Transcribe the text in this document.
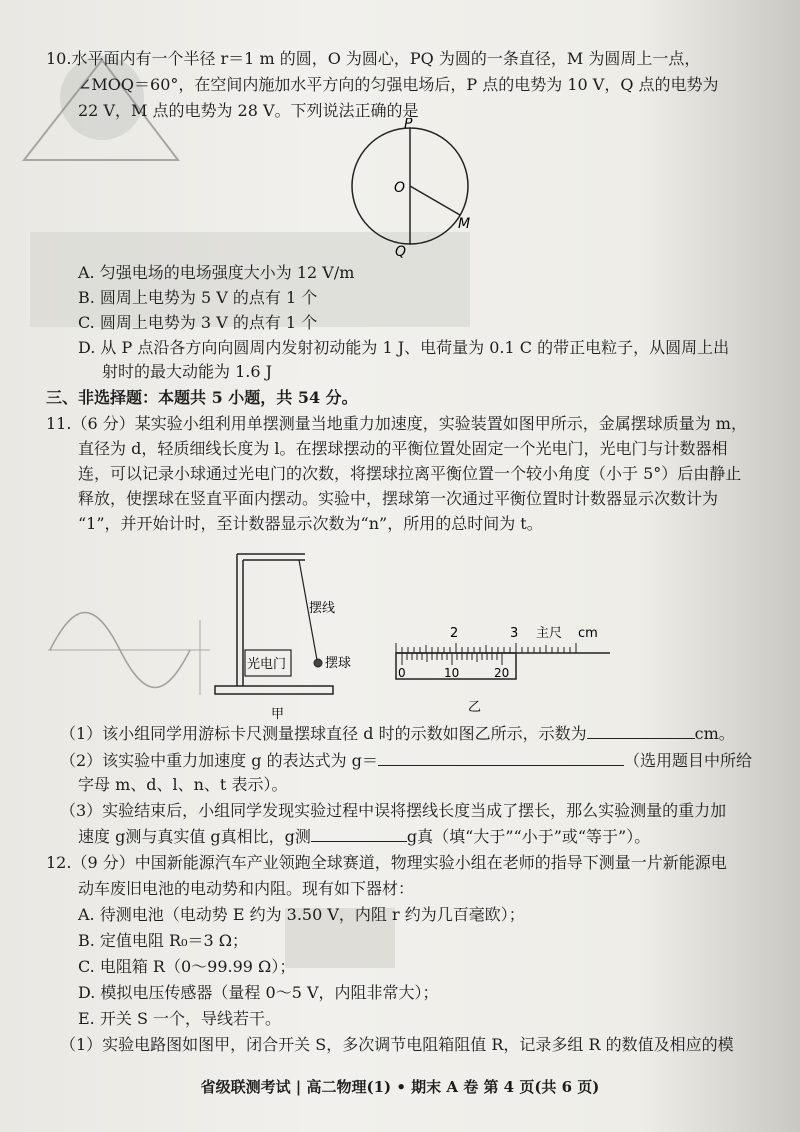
10.水平面内有一个半径 r＝1 m 的圆，O 为圆心，PQ 为圆的一条直径，M 为圆周上一点，
∠MOQ＝60°，在空间内施加水平方向的匀强电场后，P 点的电势为 10 V，Q 点的电势为
22 V，M 点的电势为 28 V。下列说法正确的是
P
O
Q
M
A. 匀强电场的电场强度大小为 12 V/m
B. 圆周上电势为 5 V 的点有 1 个
C. 圆周上电势为 3 V 的点有 1 个
D. 从 P 点沿各方向向圆周内发射初动能为 1 J、电荷量为 0.1 C 的带正电粒子，从圆周上出
射时的最大动能为 1.6 J
三、非选择题：本题共 5 小题，共 54 分。
11.（6 分）某实验小组利用单摆测量当地重力加速度，实验装置如图甲所示，金属摆球质量为 m，
直径为 d，轻质细线长度为 l。在摆球摆动的平衡位置处固定一个光电门，光电门与计数器相
连，可以记录小球通过光电门的次数，将摆球拉离平衡位置一个较小角度（小于 5°）后由静止
释放，使摆球在竖直平面内摆动。实验中，摆球第一次通过平衡位置时计数器显示次数计为
“1”，并开始计时，至计数器显示次数为“n”，所用的总时间为 t。
摆线
摆球
光电门
甲
2	3 主尺 cm
0	10	20
乙
（1）该小组同学用游标卡尺测量摆球直径 d 时的示数如图乙所示，示数为	cm。
（2）该实验中重力加速度 g 的表达式为 g＝	（选用题目中所给
字母 m、d、l、n、t 表示）。
（3）实验结束后，小组同学发现实验过程中误将摆线长度当成了摆长，那么实验测量的重力加
速度 g测与真实值 g真相比，g测	g真（填“大于”“小于”或“等于”）。
12.（9 分）中国新能源汽车产业领跑全球赛道，物理实验小组在老师的指导下测量一片新能源电
动车废旧电池的电动势和内阻。现有如下器材：
A. 待测电池（电动势 E 约为 3.50 V，内阻 r 约为几百毫欧）；
B. 定值电阻 R₀＝3 Ω；
C. 电阻箱 R（0～99.99 Ω）；
D. 模拟电压传感器（量程 0～5 V，内阻非常大）；
E. 开关 S 一个，导线若干。
（1）实验电路图如图甲，闭合开关 S，多次调节电阻箱阻值 R，记录多组 R 的数值及相应的模
省级联测考试 | 高二物理(1) • 期末 A 卷 第 4 页(共 6 页)
